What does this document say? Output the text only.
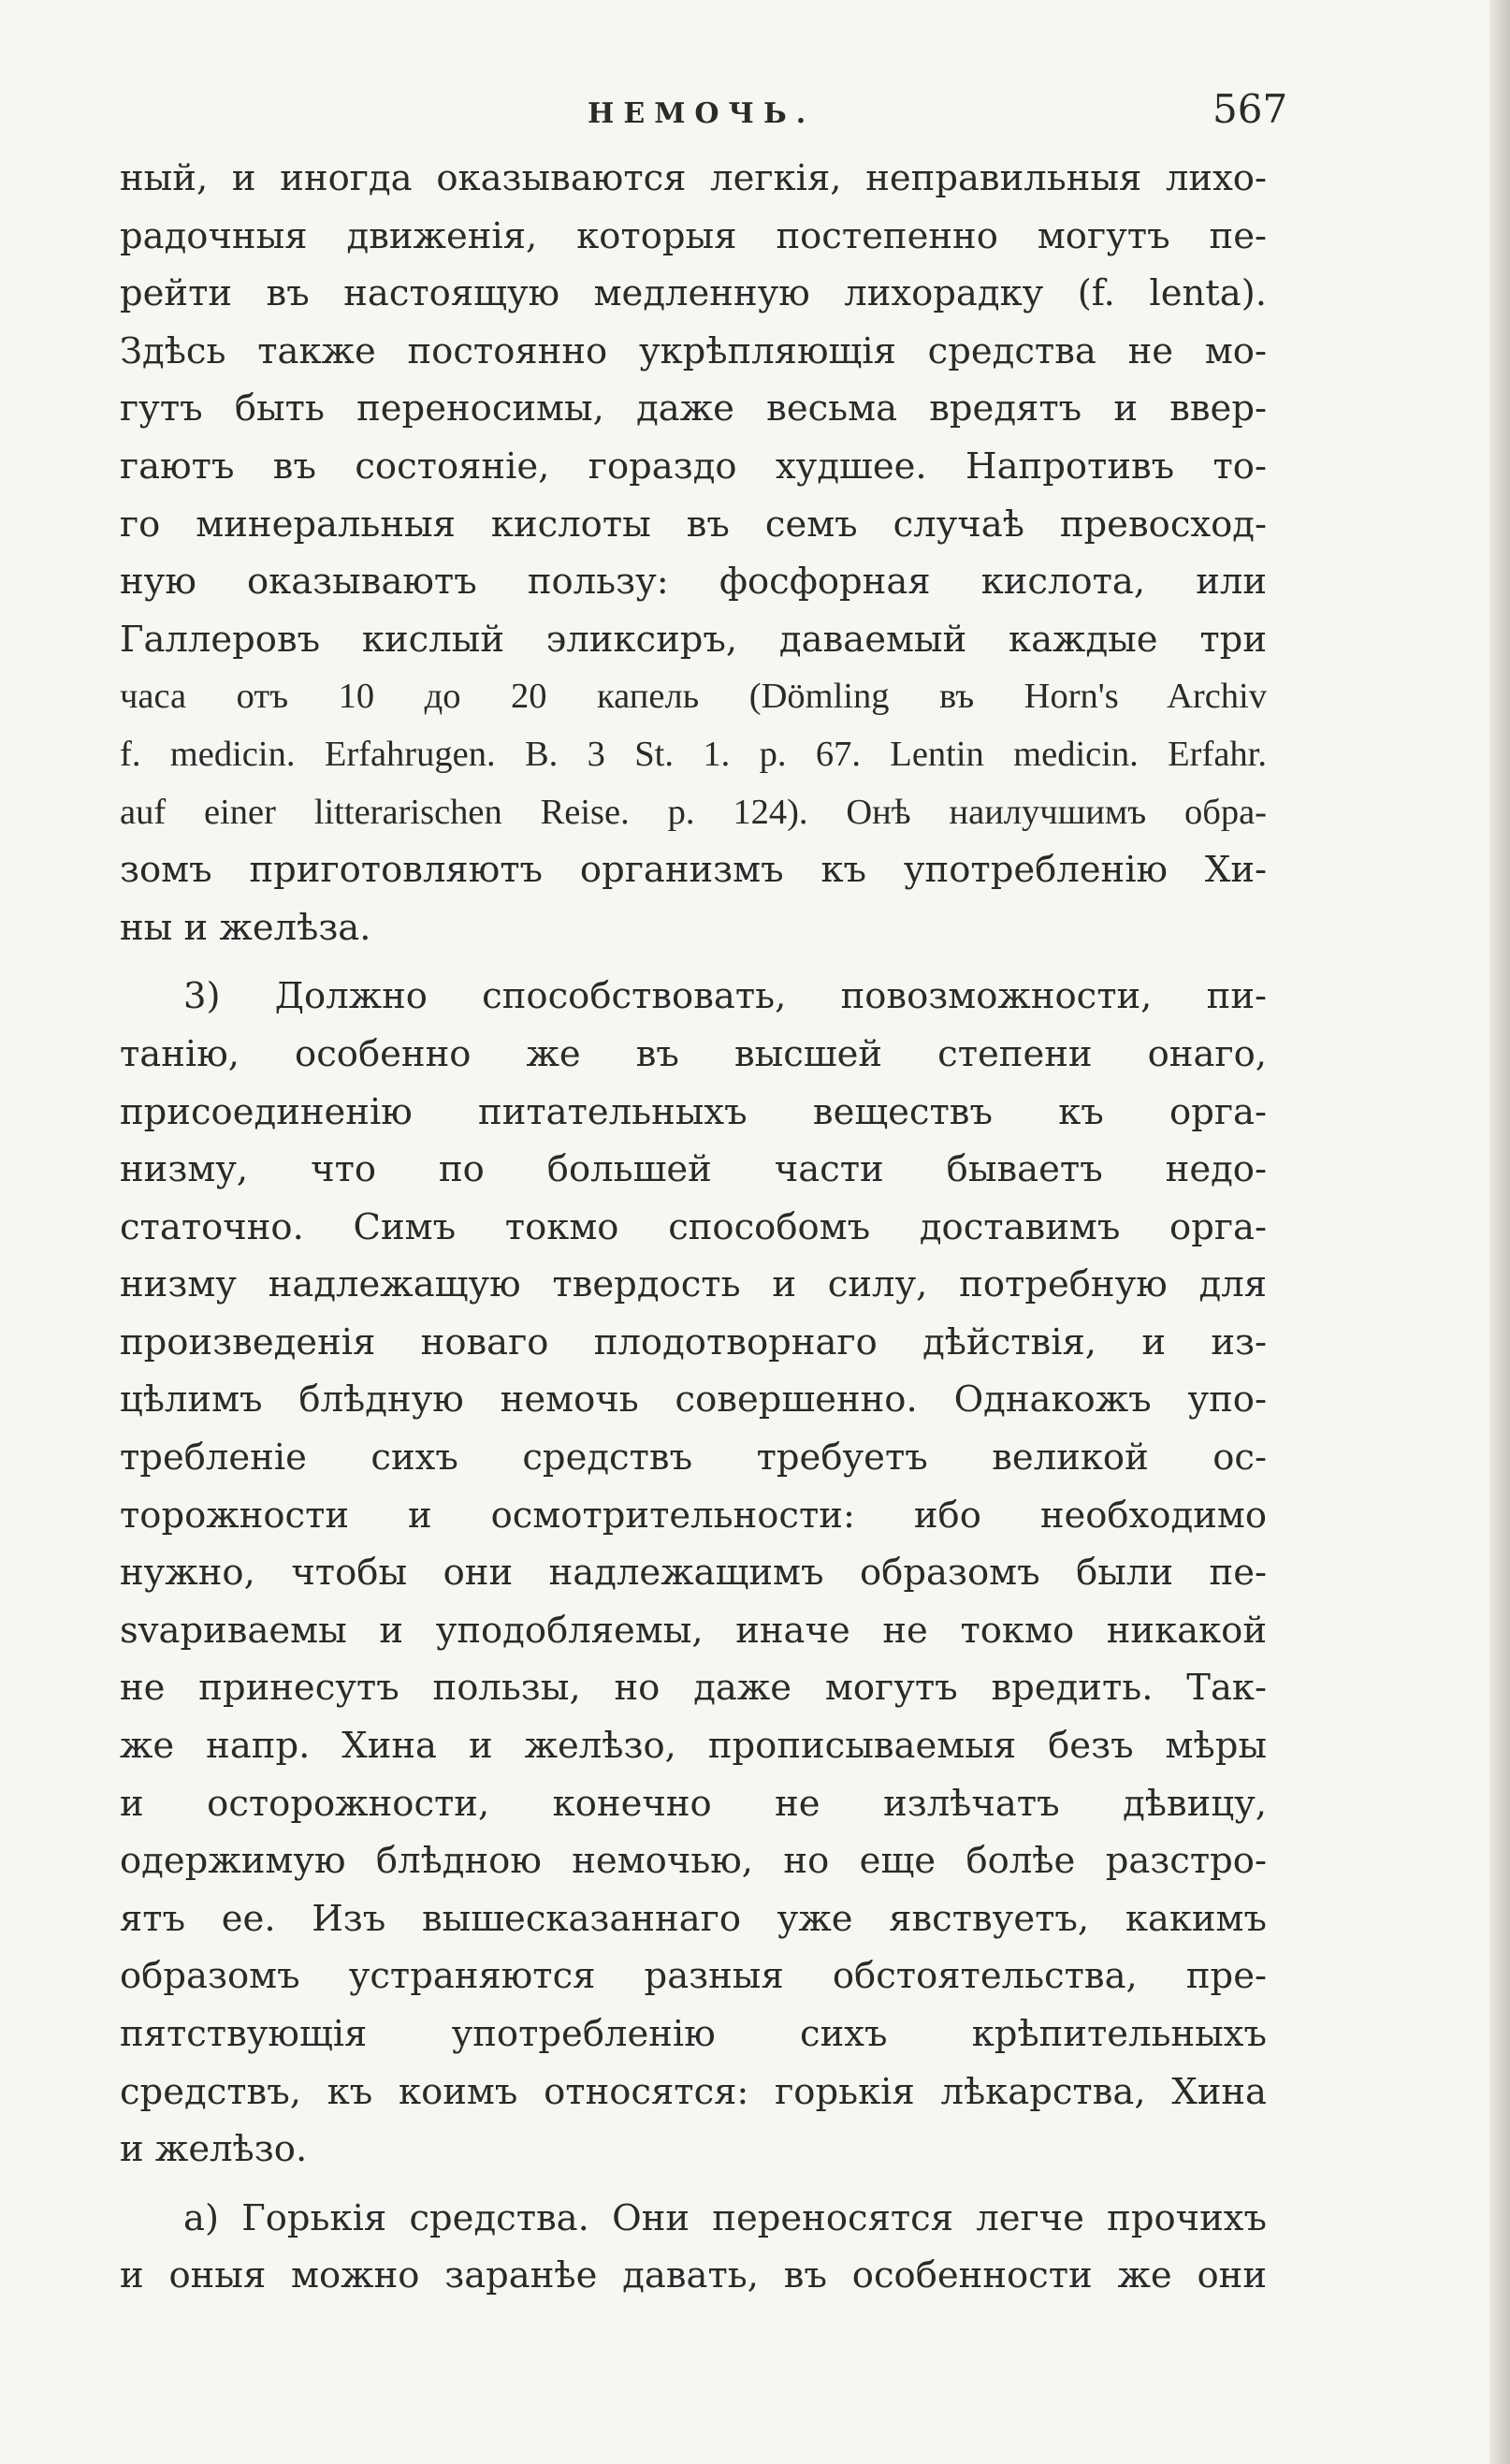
НЕМОЧЬ.	567
ный, и иногда оказываются легкія, неправильныя лихо-
радочныя движенія, которыя постепенно могутъ пе-
рейти въ настоящую медленную лихорадку (f. lenta).
Здѣсь также постоянно укрѣпляющія средства не мо-
гутъ быть переносимы, даже весьма вредятъ и ввер-
гаютъ въ состояніе, гораздо худшее. Напротивъ то-
го минеральныя кислоты въ семъ случаѣ превосход-
ную оказываютъ пользу: фосфорная кислота, или
Галлеровъ кислый эликсиръ, даваемый каждые три
часа отъ 10 до 20 капель (Dömling въ Horn's Archiv
f. medicin. Erfahrugen. B. 3 St. 1. p. 67. Lentin medicin. Erfahr.
auf einer litterarischen Reise. p. 124). Онѣ наилучшимъ обра-
зомъ приготовляютъ организмъ къ употребленію Хи-
ны и желѣза.
3) Должно способствовать, повозможности, пи-
танію, особенно же въ высшей степени онаго,
присоединенію питательныхъ веществъ къ орга-
низму, что по большей части бываетъ недо-
статочно. Симъ токмо способомъ доставимъ орга-
низму надлежащую твердость и силу, потребную для
произведенія новаго плодотворнаго дѣйствія, и из-
цѣлимъ блѣдную немочь совершенно. Однакожъ упо-
требленіе сихъ средствъ требуетъ великой ос-
торожности и осмотрительности: ибо необходимо
нужно, чтобы они надлежащимъ образомъ были пе-
svариваемы и уподобляемы, иначе не токмо никакой
не принесутъ пользы, но даже могутъ вредить. Так-
же напр. Хина и желѣзо, прописываемыя безъ мѣры
и осторожности, конечно не излѣчатъ дѣвицу,
одержимую блѣдною немочью, но еще болѣе разстро-
ятъ ее. Изъ вышесказаннаго уже явствуетъ, какимъ
образомъ устраняются разныя обстоятельства, пре-
пятствующія употребленію сихъ крѣпительныхъ
средствъ, къ коимъ относятся: горькія лѣкарства, Хина
и желѣзо.
a) Горькія средства. Они переносятся легче прочихъ
и оныя можно заранѣе давать, въ особенности же они
